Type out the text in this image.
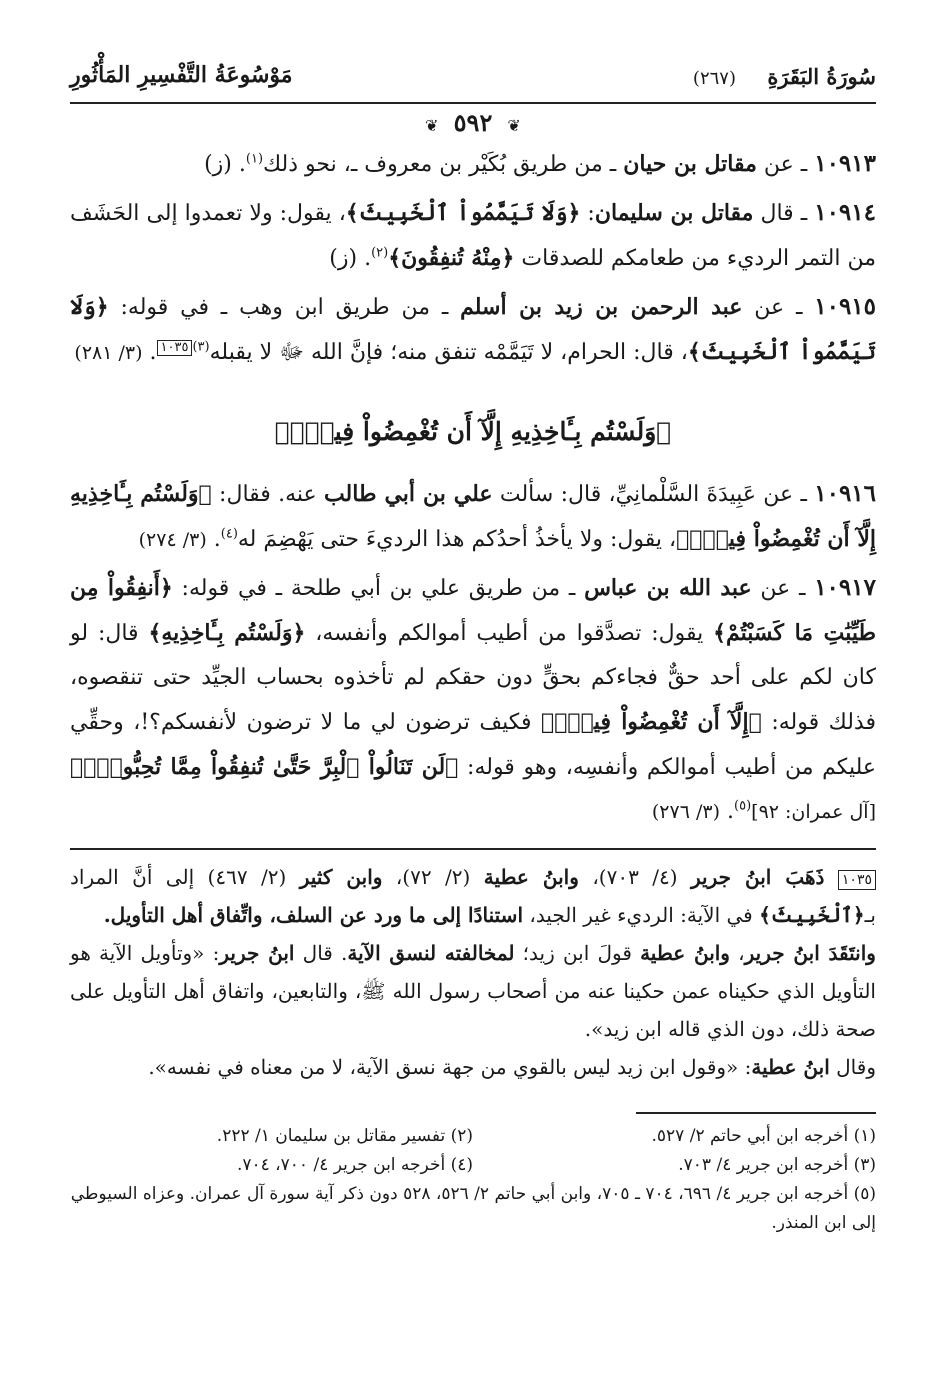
سُورَةُ البَقَرَةِ
(٢٦٧)
مَوْسُوعَةُ التَّفْسِيرِ المَأْثُورِ
❦ ٥٩٢ ❦

١٠٩١٣ ـ عن مقاتل بن حيان ـ من طريق بُكَيْر بن معروف ـ، نحو ذلك$^{(١)}$. (ز)

١٠٩١٤ ـ قال مقاتل بن سليمان: ﴿وَلَا تَيَمَّمُواْ ٱلْخَبِيثَ﴾، يقول: ولا تعمدوا إلى الحَشَف من التمر الرديء من طعامكم للصدقات ﴿مِنْهُ تُنفِقُونَ﴾$^{(٢)}$. (ز)

١٠٩١٥ ـ عن عبد الرحمن بن زيد بن أسلم ـ من طريق ابن وهب ـ في قوله: ﴿وَلَا تَيَمَّمُواْ ٱلْخَبِيثَ﴾، قال: الحرام، لا تَيَمَّمْه تنفق منه؛ فإنَّ الله ﷻ لا يقبله$^{(٣)}$١٠٣٥. (٣/ ٢٨١)

﴿وَلَسْتُم بِـَٔاخِذِيهِ إِلَّآ أَن تُغْمِضُواْ فِيهِۚ﴾

١٠٩١٦ ـ عن عَبِيدَةَ السَّلْمانِيِّ، قال: سألت علي بن أبي طالب عنه. فقال: ﴿وَلَسْتُم بِـَٔاخِذِيهِ إِلَّآ أَن تُغْمِضُواْ فِيهِۚ﴾، يقول: ولا يأخذُ أحدُكم هذا الرديءَ حتى يَهْضِمَ له$^{(٤)}$. (٣/ ٢٧٤)

١٠٩١٧ ـ عن عبد الله بن عباس ـ من طريق علي بن أبي طلحة ـ في قوله: ﴿أَنفِقُواْ مِن طَيِّبَٰتِ مَا كَسَبْتُمْ﴾ يقول: تصدَّقوا من أطيب أموالكم وأنفسه، ﴿وَلَسْتُم بِـَٔاخِذِيهِ﴾ قال: لو كان لكم على أحد حقٌّ فجاءكم بحقٍّ دون حقكم لم تأخذوه بحساب الجيِّد حتى تنقصوه، فذلك قوله: ﴿إِلَّآ أَن تُغْمِضُواْ فِيهِۚ﴾ فكيف ترضون لي ما لا ترضون لأنفسكم؟!، وحقِّي عليكم من أطيب أموالكم وأنفسِه، وهو قوله: ﴿لَن تَنَالُواْ ٱلْبِرَّ حَتَّىٰ تُنفِقُواْ مِمَّا تُحِبُّونَۚ﴾ [آل عمران: ٩٢]$^{(٥)}$. (٣/ ٢٧٦)

١٠٣٥ ذَهَبَ ابنُ جرير (٤/ ٧٠٣)، وابنُ عطية (٢/ ٧٢)، وابن كثير (٢/ ٤٦٧) إلى أنَّ المراد بـ﴿ٱلْخَبِيثَ﴾ في الآية: الرديء غير الجيد، استنادًا إلى ما ورد عن السلف، واتِّفاق أهل التأويل.

وانتَقَدَ ابنُ جرير، وابنُ عطية قولَ ابن زيد؛ لمخالفته لنسق الآية. قال ابنُ جرير: «وتأويل الآية هو التأويل الذي حكيناه عمن حكينا عنه من أصحاب رسول الله ﷺ، والتابعين، واتفاق أهل التأويل على صحة ذلك، دون الذي قاله ابن زيد».

وقال ابنُ عطية: «وقول ابن زيد ليس بالقوي من جهة نسق الآية، لا من معناه في نفسه».

(١) أخرجه ابن أبي حاتم ٢/ ٥٢٧.
(٢) تفسير مقاتل بن سليمان ١/ ٢٢٢.
(٣) أخرجه ابن جرير ٤/ ٧٠٣.
(٤) أخرجه ابن جرير ٤/ ٧٠٠، ٧٠٤.
(٥) أخرجه ابن جرير ٤/ ٦٩٦، ٧٠٤ ـ ٧٠٥، وابن أبي حاتم ٢/ ٥٢٦، ٥٢٨ دون ذكر آية سورة آل عمران. وعزاه السيوطي إلى ابن المنذر.
